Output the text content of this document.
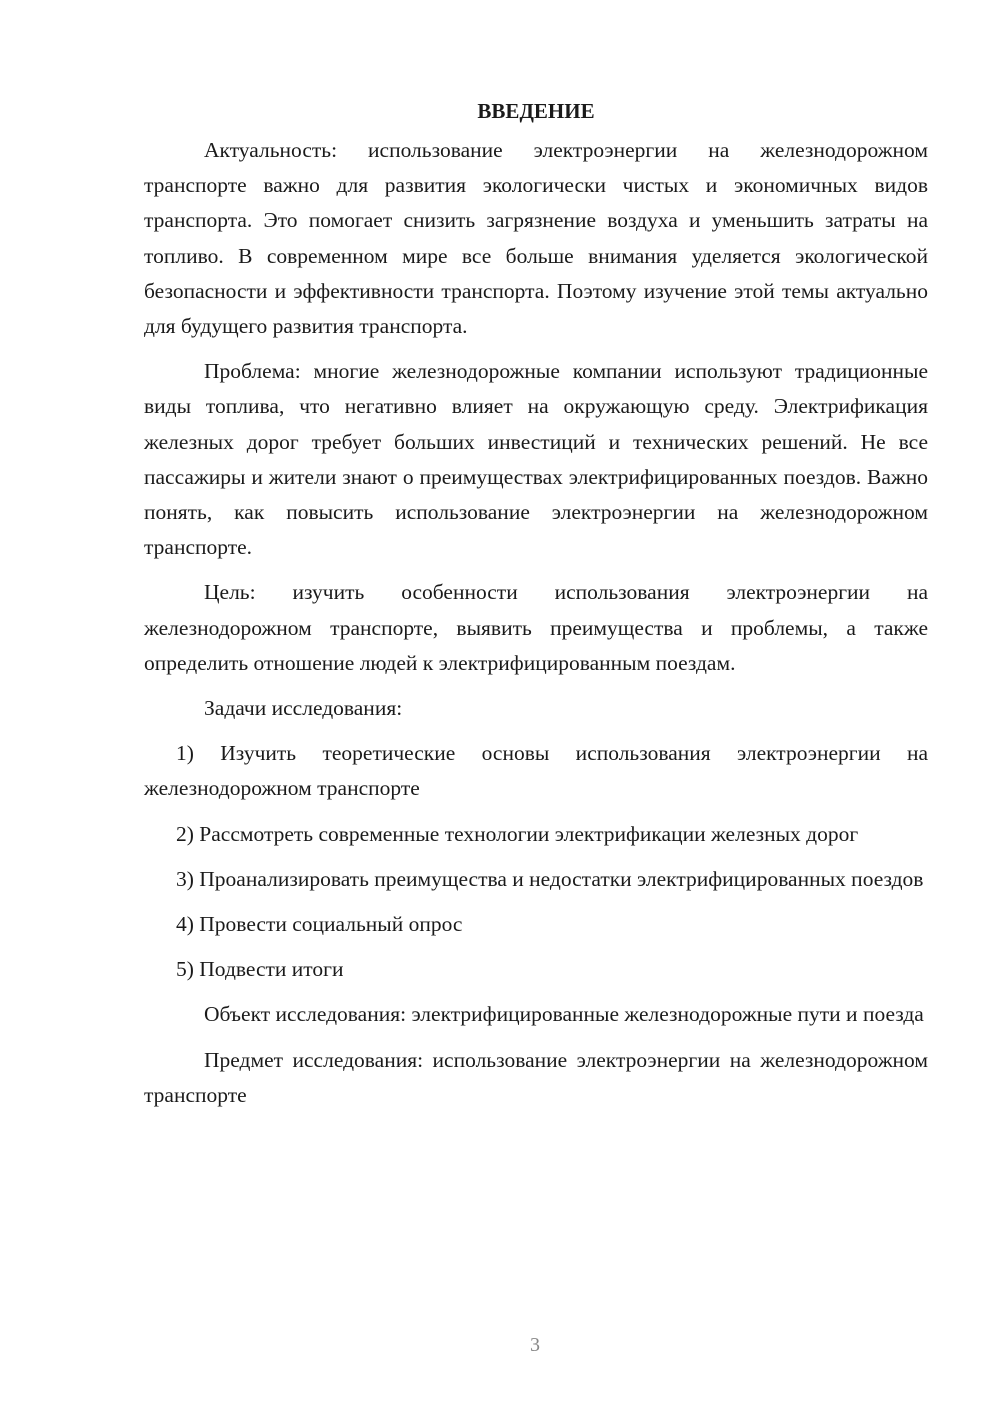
ВВЕДЕНИЕ

Актуальность: использование электроэнергии на железнодорожном транспорте важно для развития экологически чистых и экономичных видов транспорта. Это помогает снизить загрязнение воздуха и уменьшить затраты на топливо. В современном мире все больше внимания уделяется экологической безопасности и эффективности транспорта. Поэтому изучение этой темы актуально для будущего развития транспорта.

Проблема: многие железнодорожные компании используют традиционные виды топлива, что негативно влияет на окружающую среду. Электрификация железных дорог требует больших инвестиций и технических решений. Не все пассажиры и жители знают о преимуществах электрифицированных поездов. Важно понять, как повысить использование электроэнергии на железнодорожном транспорте.

Цель: изучить особенности использования электроэнергии на железнодорожном транспорте, выявить преимущества и проблемы, а также определить отношение людей к электрифицированным поездам.

Задачи исследования:

1) Изучить теоретические основы использования электроэнергии на железнодорожном транспорте

2) Рассмотреть современные технологии электрификации железных дорог

3) Проанализировать преимущества и недостатки электрифицированных поездов

4) Провести социальный опрос

5) Подвести итоги

Объект исследования: электрифицированные железнодорожные пути и поезда

Предмет исследования: использование электроэнергии на железнодорожном транспорте

3
